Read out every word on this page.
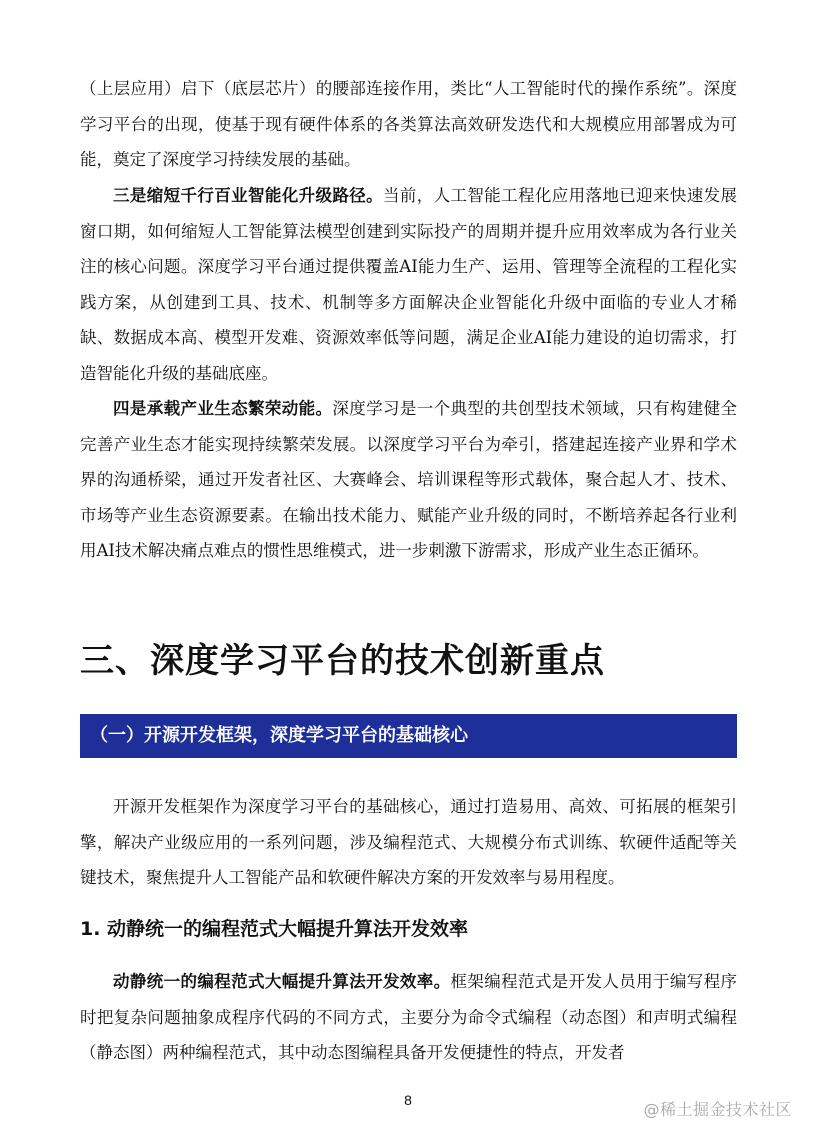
（上层应用）启下（底层芯片）的腰部连接作用，类比“人工智能时代的操作系统”。深度学习平台的出现，使基于现有硬件体系的各类算法高效研发迭代和大规模应用部署成为可能，奠定了深度学习持续发展的基础。

三是缩短千行百业智能化升级路径。当前，人工智能工程化应用落地已迎来快速发展窗口期，如何缩短人工智能算法模型创建到实际投产的周期并提升应用效率成为各行业关注的核心问题。深度学习平台通过提供覆盖AI能力生产、运用、管理等全流程的工程化实践方案，从创建到工具、技术、机制等多方面解决企业智能化升级中面临的专业人才稀缺、数据成本高、模型开发难、资源效率低等问题，满足企业AI能力建设的迫切需求，打造智能化升级的基础底座。

四是承载产业生态繁荣动能。深度学习是一个典型的共创型技术领域，只有构建健全完善产业生态才能实现持续繁荣发展。以深度学习平台为牵引，搭建起连接产业界和学术界的沟通桥梁，通过开发者社区、大赛峰会、培训课程等形式载体，聚合起人才、技术、市场等产业生态资源要素。在输出技术能力、赋能产业升级的同时，不断培养起各行业利用AI技术解决痛点难点的惯性思维模式，进一步刺激下游需求，形成产业生态正循环。

三、深度学习平台的技术创新重点
（一）开源开发框架，深度学习平台的基础核心

开源开发框架作为深度学习平台的基础核心，通过打造易用、高效、可拓展的框架引擎，解决产业级应用的一系列问题，涉及编程范式、大规模分布式训练、软硬件适配等关键技术，聚焦提升人工智能产品和软硬件解决方案的开发效率与易用程度。

1. 动静统一的编程范式大幅提升算法开发效率

动静统一的编程范式大幅提升算法开发效率。框架编程范式是开发人员用于编写程序时把复杂问题抽象成程序代码的不同方式，主要分为命令式编程（动态图）和声明式编程（静态图）两种编程范式，其中动态图编程具备开发便捷性的特点，开发者

8	@稀土掘金技术社区
